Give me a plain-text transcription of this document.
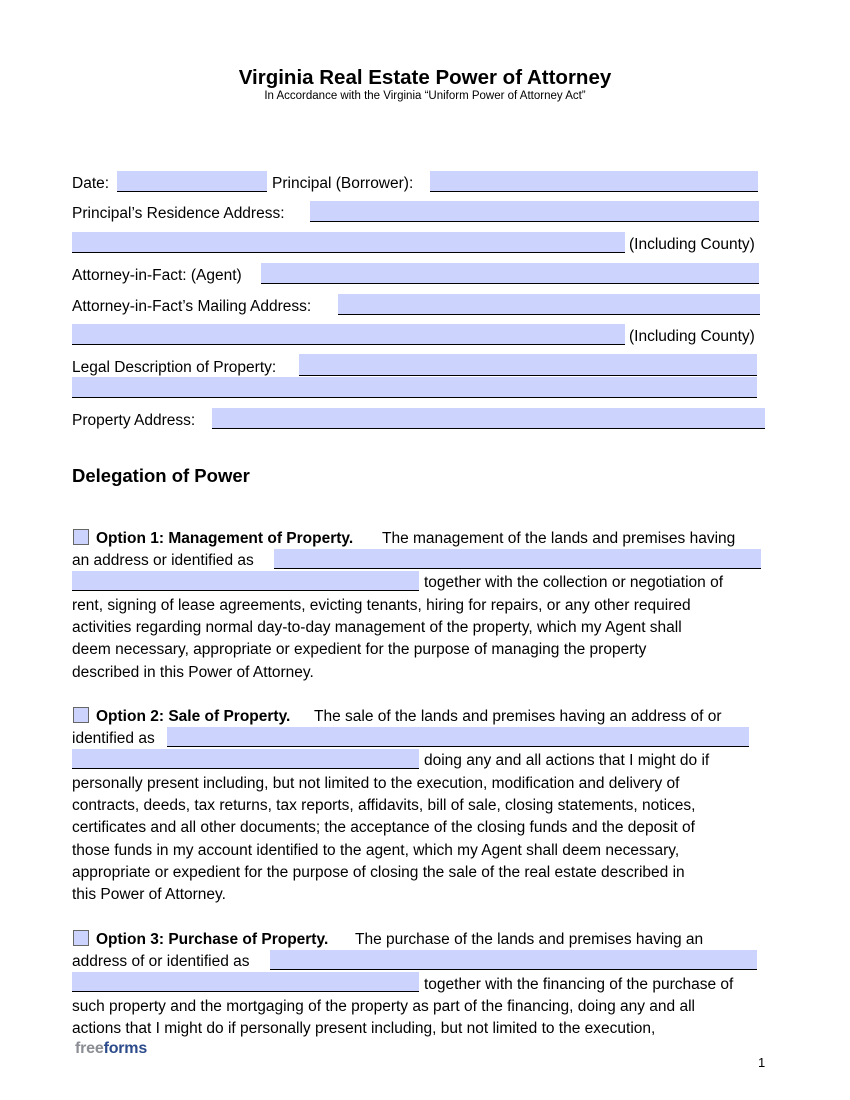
Virginia Real Estate Power of Attorney
In Accordance with the Virginia “Uniform Power of Attorney Act”
Date:	Principal (Borrower):
Principal’s Residence Address:
(Including County)
Attorney-in-Fact: (Agent)
Attorney-in-Fact’s Mailing Address:
(Including County)
Legal Description of Property:
Property Address:
Delegation of Power
Option 1: Management of Property. The management of the lands and premises having
an address or identified as
together with the collection or negotiation of
rent, signing of lease agreements, evicting tenants, hiring for repairs, or any other required
activities regarding normal day-to-day management of the property, which my Agent shall
deem necessary, appropriate or expedient for the purpose of managing the property
described in this Power of Attorney.
Option 2: Sale of Property. The sale of the lands and premises having an address of or
identified as
doing any and all actions that I might do if
personally present including, but not limited to the execution, modification and delivery of
contracts, deeds, tax returns, tax reports, affidavits, bill of sale, closing statements, notices,
certificates and all other documents; the acceptance of the closing funds and the deposit of
those funds in my account identified to the agent, which my Agent shall deem necessary,
appropriate or expedient for the purpose of closing the sale of the real estate described in
this Power of Attorney.
Option 3: Purchase of Property. The purchase of the lands and premises having an
address of or identified as
together with the financing of the purchase of
such property and the mortgaging of the property as part of the financing, doing any and all
actions that I might do if personally present including, but not limited to the execution,
freeforms
1
